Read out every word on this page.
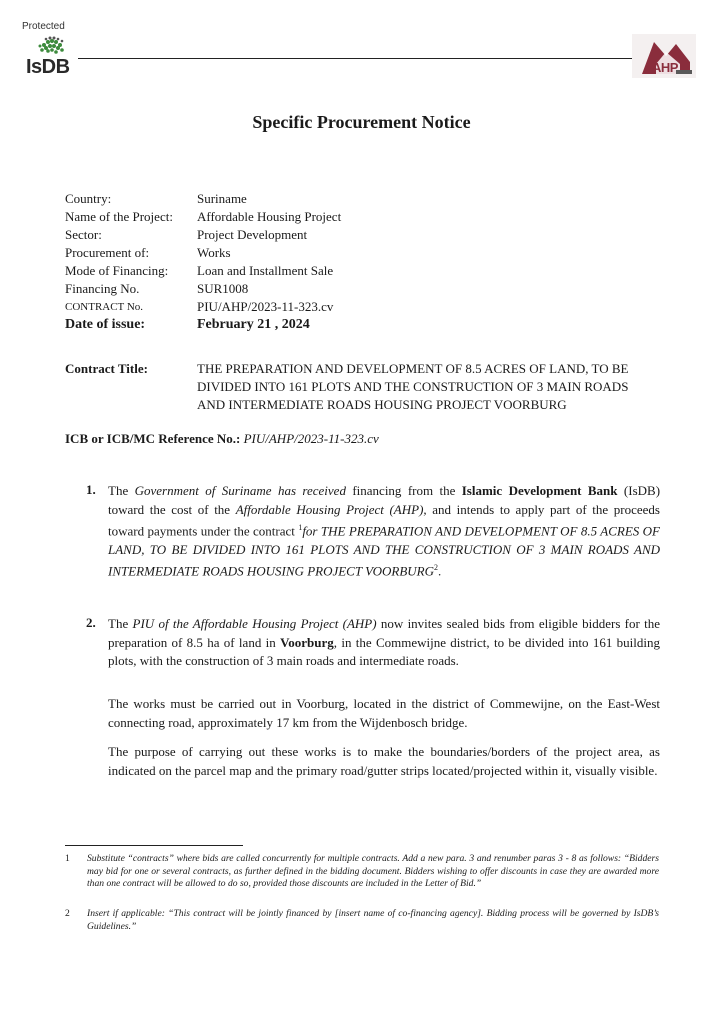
Protected
IsDB	AHP
Specific Procurement Notice
Country:	Suriname
Name of the Project:	Affordable Housing Project
Sector:	Project Development
Procurement of:	Works
Mode of Financing:	Loan and Installment Sale
Financing No.	SUR1008
CONTRACT No.	PIU/AHP/2023-11-323.cv
Date of issue:	February 21 , 2024
Contract Title:	THE PREPARATION AND DEVELOPMENT OF 8.5 ACRES OF LAND, TO BE DIVIDED INTO 161 PLOTS AND THE CONSTRUCTION OF 3 MAIN ROADS AND INTERMEDIATE ROADS HOUSING PROJECT VOORBURG
ICB or ICB/MC Reference No.: PIU/AHP/2023-11-323.cv
1. The Government of Suriname has received financing from the Islamic Development Bank (IsDB) toward the cost of the Affordable Housing Project (AHP), and intends to apply part of the proceeds toward payments under the contract $^1$for THE PREPARATION AND DEVELOPMENT OF 8.5 ACRES OF LAND, TO BE DIVIDED INTO 161 PLOTS AND THE CONSTRUCTION OF 3 MAIN ROADS AND INTERMEDIATE ROADS HOUSING PROJECT VOORBURG$^2$.
2. The PIU of the Affordable Housing Project (AHP) now invites sealed bids from eligible bidders for the preparation of 8.5 ha of land in Voorburg, in the Commewijne district, to be divided into 161 building plots, with the construction of 3 main roads and intermediate roads.
The works must be carried out in Voorburg, located in the district of Commewijne, on the East-West connecting road, approximately 17 km from the Wijdenbosch bridge.
The purpose of carrying out these works is to make the boundaries/borders of the project area, as indicated on the parcel map and the primary road/gutter strips located/projected within it, visually visible.
1	Substitute “contracts” where bids are called concurrently for multiple contracts. Add a new para. 3 and renumber paras 3 - 8 as follows: “Bidders may bid for one or several contracts, as further defined in the bidding document. Bidders wishing to offer discounts in case they are awarded more than one contract will be allowed to do so, provided those discounts are included in the Letter of Bid.”
2	Insert if applicable: “This contract will be jointly financed by [insert name of co-financing agency]. Bidding process will be governed by IsDB’s Guidelines.”
